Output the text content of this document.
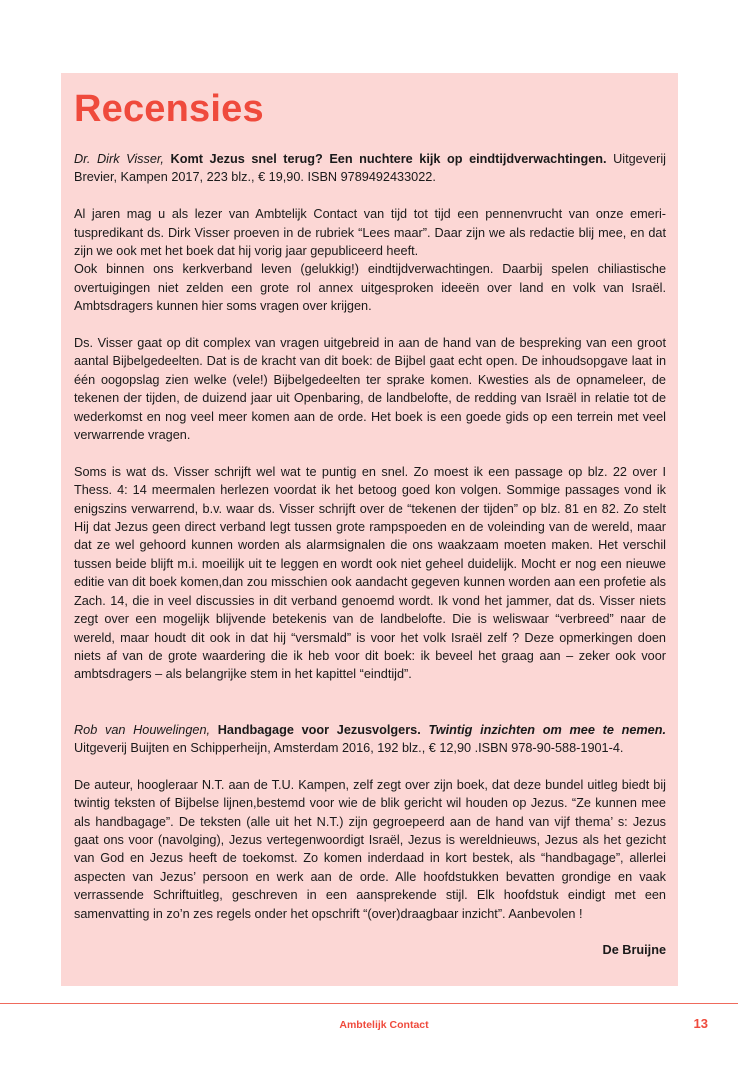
Recensies

Dr. Dirk Visser, Komt Jezus snel terug? Een nuchtere kijk op eindtijdverwachtingen. Uitgeverij Brevier, Kampen 2017, 223 blz., € 19,90. ISBN 9789492433022.

Al jaren mag u als lezer van Ambtelijk Contact van tijd tot tijd een pennenvrucht van onze emerituspredikant ds. Dirk Visser proeven in de rubriek “Lees maar”. Daar zijn we als redactie blij mee, en dat zijn we ook met het boek dat hij vorig jaar gepubliceerd heeft.

Ook binnen ons kerkverband leven (gelukkig!) eindtijdverwachtingen. Daarbij spelen chiliastische overtuigingen niet zelden een grote rol annex uitgesproken ideeën over land en volk van Israël. Ambtsdragers kunnen hier soms vragen over krijgen.

Ds. Visser gaat op dit complex van vragen uitgebreid in aan de hand van de bespreking van een groot aantal Bijbelgedeelten. Dat is de kracht van dit boek: de Bijbel gaat echt open. De inhoudsopgave laat in één oogopslag zien welke (vele!) Bijbelgedeelten ter sprake komen. Kwesties als de opnameleer, de tekenen der tijden, de duizend jaar uit Openbaring, de landbelofte, de redding van Israël in relatie tot de wederkomst en nog veel meer komen aan de orde. Het boek is een goede gids op een terrein met veel verwarrende vragen.

Soms is wat ds. Visser schrijft wel wat te puntig en snel. Zo moest ik een passage op blz. 22 over I Thess. 4: 14 meermalen herlezen voordat ik het betoog goed kon volgen. Sommige passages vond ik enigszins verwarrend, b.v. waar ds. Visser schrijft over de “tekenen der tijden” op blz. 81 en 82. Zo stelt Hij dat Jezus geen direct verband legt tussen grote rampspoeden en de voleinding van de wereld, maar dat ze wel gehoord kunnen worden als alarmsignalen die ons waakzaam moeten maken. Het verschil tussen beide blijft m.i. moeilijk uit te leggen en wordt ook niet geheel duidelijk. Mocht er nog een nieuwe editie van dit boek komen,dan zou misschien ook aandacht gegeven kunnen worden aan een profetie als Zach. 14, die in veel discussies in dit verband genoemd wordt. Ik vond het jammer, dat ds. Visser niets zegt over een mogelijk blijvende betekenis van de landbelofte. Die is weliswaar “verbreed” naar de wereld, maar houdt dit ook in dat hij “versmald” is voor het volk Israël zelf ? Deze opmerkingen doen niets af van de grote waardering die ik heb voor dit boek: ik beveel het graag aan – zeker ook voor ambtsdragers – als belangrijke stem in het kapittel “eindtijd”.

Rob van Houwelingen, Handbagage voor Jezusvolgers. Twintig inzichten om mee te nemen. Uitgeverij Buijten en Schipperheijn, Amsterdam 2016, 192 blz., € 12,90 .ISBN 978-90-588-1901-4.

De auteur, hoogleraar N.T. aan de T.U. Kampen, zelf zegt over zijn boek, dat deze bundel uitleg biedt bij twintig teksten of Bijbelse lijnen,bestemd voor wie de blik gericht wil houden op Jezus. “Ze kunnen mee als handbagage”. De teksten (alle uit het N.T.) zijn gegroepeerd aan de hand van vijf thema’ s: Jezus gaat ons voor (navolging), Jezus vertegenwoordigt Israël, Jezus is wereldnieuws, Jezus als het gezicht van God en Jezus heeft de toekomst. Zo komen inderdaad in kort bestek, als “handbagage”, allerlei aspecten van Jezus’ persoon en werk aan de orde. Alle hoofdstukken bevatten grondige en vaak verrassende Schriftuitleg, geschreven in een aansprekende stijl. Elk hoofdstuk eindigt met een samenvatting in zo’n zes regels onder het opschrift “(over)draagbaar inzicht”. Aanbevolen !

De Bruijne

Ambtelijk Contact	13
